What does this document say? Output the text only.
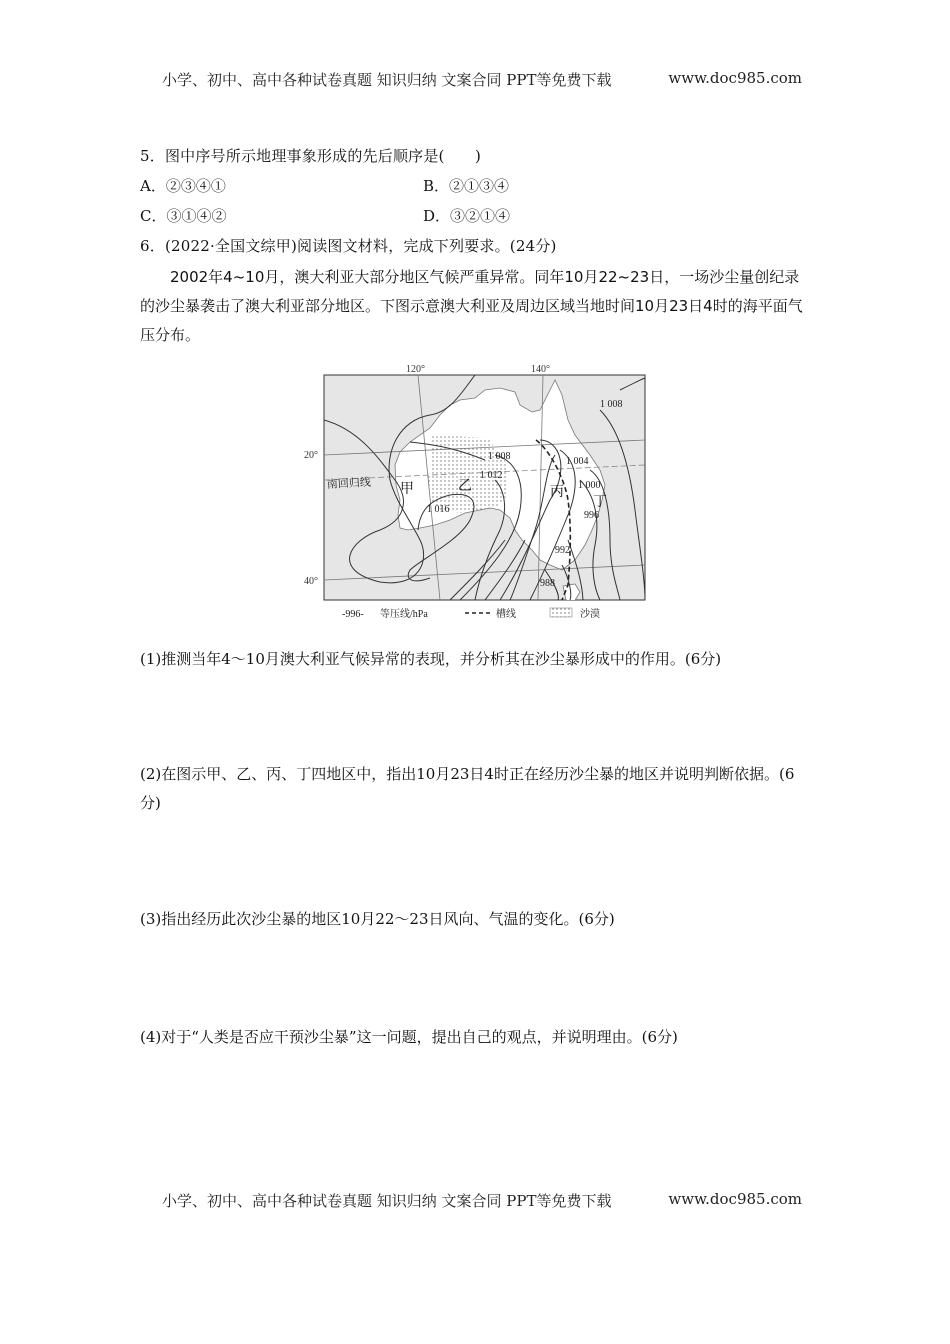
小学、初中、高中各种试卷真题 知识归纳 文案合同 PPT等免费下载	www.doc985.com
5．图中序号所示地理事象形成的先后顺序是(　　)
A．②③④①	B．②①③④
C．③①④②	D．③②①④
6．(2022·全国文综甲)阅读图文材料，完成下列要求。(24分)
2002年4~10月，澳大利亚大部分地区气候严重异常。同年10月22~23日，一场沙尘量创纪录的沙尘暴袭击了澳大利亚部分地区。下图示意澳大利亚及周边区域当地时间10月23日4时的海平面气压分布。
120°	140°
20°
40°
南回归线
1 008
1 008
1 012
1 016
1 004
1 000
996
992
988
甲	乙	丙
丁
-996- 等压线/hPa	槽线	沙漠
(1)推测当年4～10月澳大利亚气候异常的表现，并分析其在沙尘暴形成中的作用。(6分)
(2)在图示甲、乙、丙、丁四地区中，指出10月23日4时正在经历沙尘暴的地区并说明判断依据。(6分)
(3)指出经历此次沙尘暴的地区10月22～23日风向、气温的变化。(6分)
(4)对于“人类是否应干预沙尘暴”这一问题，提出自己的观点，并说明理由。(6分)
小学、初中、高中各种试卷真题 知识归纳 文案合同 PPT等免费下载	www.doc985.com
